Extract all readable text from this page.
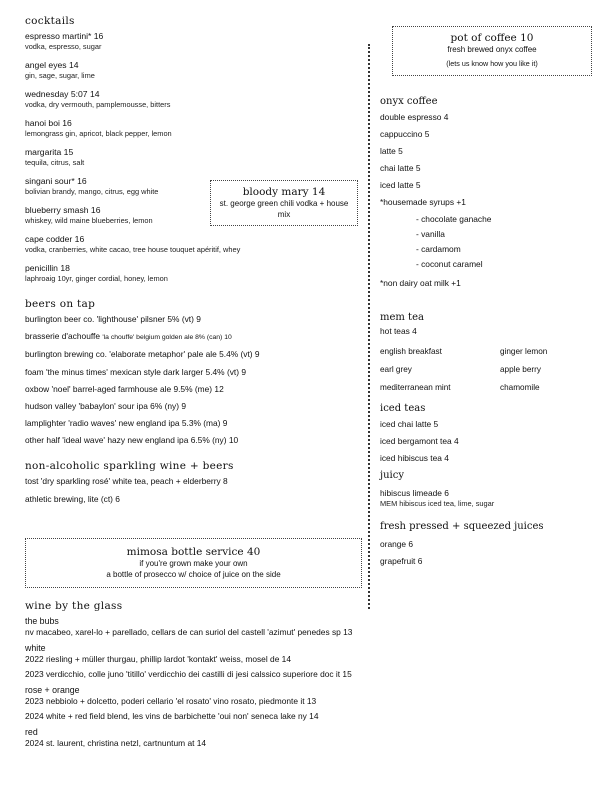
cocktails
espresso martini* 16
vodka, espresso, sugar
angel eyes 14
gin, sage, sugar, lime
wednesday 5:07 14
vodka, dry vermouth, pamplemousse, bitters
hanoi boi 16
lemongrass gin, apricot, black pepper, lemon
margarita 15
tequila, citrus, salt
singani sour* 16
bolivian brandy, mango, citrus, egg white
blueberry smash 16
whiskey, wild maine blueberries, lemon
cape codder 16
vodka, cranberries, white cacao, tree house touquet apéritif, whey
penicillin 18
laphroaig 10yr, ginger cordial, honey, lemon
beers on tap
burlington beer co. 'lighthouse' pilsner 5% (vt) 9
brasserie d'achouffe 'la chouffe' belgium golden ale 8% (can) 10
burlington brewing co. 'elaborate metaphor' pale ale 5.4% (vt) 9
foam 'the minus times' mexican style dark larger 5.4% (vt) 9
oxbow 'noel' barrel-aged farmhouse ale 9.5% (me) 12
hudson valley 'babaylon' sour ipa 6% (ny) 9
lamplighter 'radio waves' new england ipa 5.3% (ma) 9
other half 'ideal wave' hazy new england ipa 6.5% (ny) 10
non-alcoholic sparkling wine + beers
tost 'dry sparkling rosé' white tea, peach + elderberry 8
athletic brewing, lite (ct) 6
bloody mary 14
st. george green chili vodka + house mix
mimosa bottle service 40
if you're grown make your own
a bottle of prosecco w/ choice of juice on the side
pot of coffee 10
fresh brewed onyx coffee
(lets us know how you like it)
onyx coffee
double espresso 4
cappuccino 5
latte 5
chai latte 5
iced latte 5
*housemade syrups +1
- chocolate ganache
- vanilla
- cardamom
- coconut caramel
*non dairy oat milk +1
mem tea
hot teas 4
english breakfast	ginger lemon
earl grey	apple berry
mediterranean mint	chamomile
iced teas
iced chai latte 5
iced bergamont tea 4
iced hibiscus tea 4
juicy
hibiscus limeade 6
MEM hibiscus iced tea, lime, sugar
fresh pressed + squeezed juices
orange 6
grapefruit 6
wine by the glass
the bubs
nv macabeo, xarel-lo + parellado, cellars de can suriol del castell 'azimut' penedes sp 13
white
2022 riesling + müller thurgau, phillip lardot 'kontakt' weiss, mosel de 14
2023 verdicchio, colle juno 'titillo' verdicchio dei castilli di jesi calssico superiore doc it 15
rose + orange
2023 nebbiolo + dolcetto, poderi cellario 'el rosato' vino rosato, piedmonte it 13
2024 white + red field blend, les vins de barbichette 'oui non' seneca lake ny 14
red
2024 st. laurent, christina netzl, cartnuntum at 14
